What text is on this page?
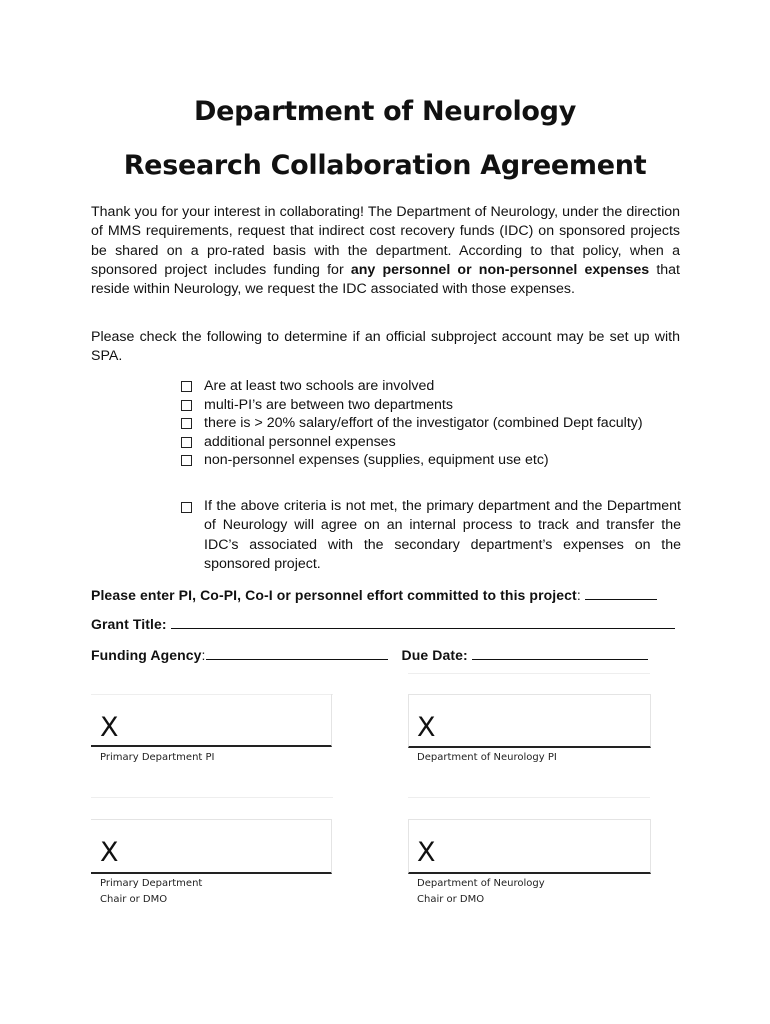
Department of Neurology
Research Collaboration Agreement

Thank you for your interest in collaborating! The Department of Neurology, under the direction of MMS requirements, request that indirect cost recovery funds (IDC) on sponsored projects be shared on a pro-rated basis with the department. According to that policy, when a sponsored project includes funding for any personnel or non-personnel expenses that reside within Neurology, we request the IDC associated with those expenses.

Please check the following to determine if an official subproject account may be set up with SPA.

Are at least two schools are involved
multi-PI’s are between two departments
there is > 20% salary/effort of the investigator (combined Dept faculty)
additional personnel expenses
non-personnel expenses (supplies, equipment use etc)
If the above criteria is not met, the primary department and the Department of Neurology will agree on an internal process to track and transfer the IDC’s associated with the secondary department’s expenses on the sponsored project.
Please enter PI, Co-PI, Co-I or personnel effort committed to this project:
Grant Title:
Funding Agency:	Due Date:
X
Primary Department PI
X
Department of Neurology PI
X
Primary Department
Chair or DMO
X
Department of Neurology
Chair or DMO
